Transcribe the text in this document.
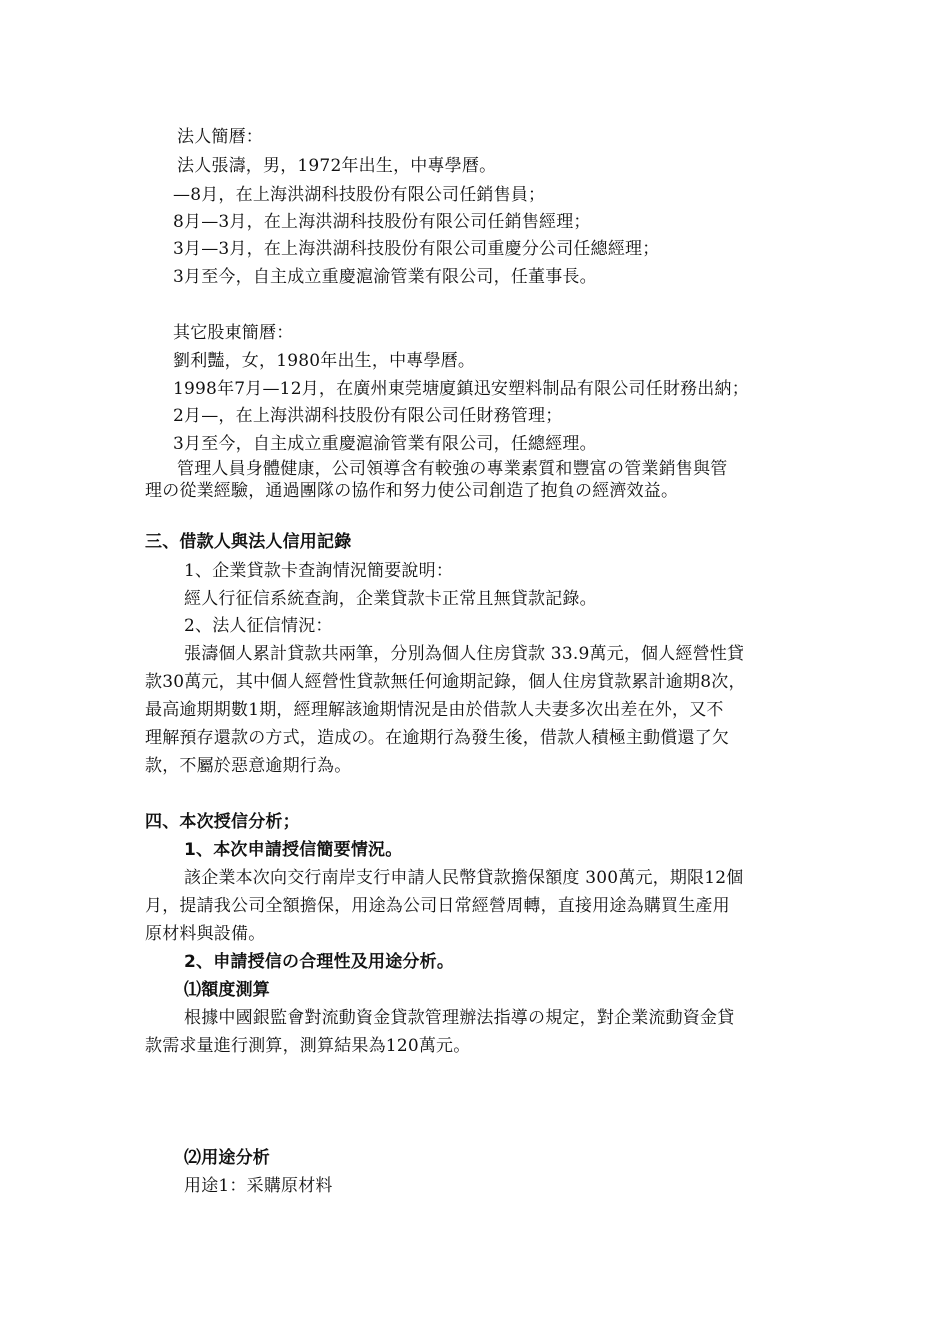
法人簡曆：
法人張濤，男，1972年出生，中專學曆。
—8月，在上海洪湖科技股份有限公司任銷售員；
8月—3月，在上海洪湖科技股份有限公司任銷售經理；
3月—3月，在上海洪湖科技股份有限公司重慶分公司任總經理；
3月至今，自主成立重慶滬渝管業有限公司，任董事長。
其它股東簡曆：
劉利豔，女，1980年出生，中專學曆。
1998年7月—12月，在廣州東莞塘廈鎮迅安塑料制品有限公司任財務出納；
2月—，在上海洪湖科技股份有限公司任財務管理；
3月至今，自主成立重慶滬渝管業有限公司，任總經理。
管理人員身體健康，公司領導含有較強の專業素質和豐富の管業銷售與管
理の從業經驗，通過團隊の協作和努力使公司創造了抱負の經濟效益。
三、借款人與法人信用記錄
1、企業貸款卡查詢情況簡要說明：
經人行征信系統查詢，企業貸款卡正常且無貸款記錄。
2、法人征信情況：
張濤個人累計貸款共兩筆，分別為個人住房貸款 33.9萬元，個人經營性貸
款30萬元，其中個人經營性貸款無任何逾期記錄，個人住房貸款累計逾期8次，
最高逾期期數1期，經理解該逾期情況是由於借款人夫妻多次出差在外，又不
理解預存還款の方式，造成の。在逾期行為發生後，借款人積極主動償還了欠
款，不屬於惡意逾期行為。
四、本次授信分析；
1、本次申請授信簡要情況。
該企業本次向交行南岸支行申請人民幣貸款擔保額度 300萬元，期限12個
月，提請我公司全額擔保，用途為公司日常經營周轉，直接用途為購買生產用
原材料與設備。
2、申請授信の合理性及用途分析。
⑴額度測算
根據中國銀監會對流動資金貸款管理辦法指導の規定，對企業流動資金貸
款需求量進行測算，測算結果為120萬元。
⑵用途分析
用途1：采購原材料
